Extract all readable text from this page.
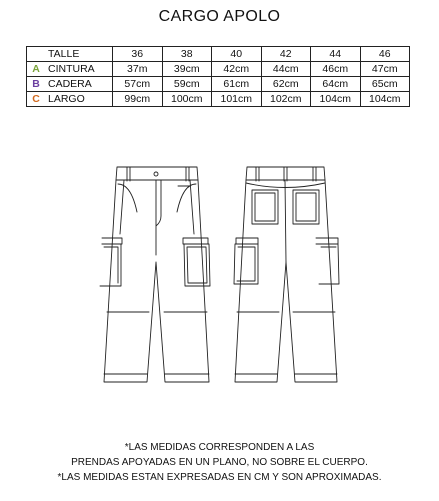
CARGO APOLO
TALLE	36	38	40	42	44	46
A CINTURA	37m	39cm	42cm	44cm	46cm	47cm
B CADERA	57cm	59cm	61cm	62cm	64cm	65cm
C LARGO	99cm	100cm	101cm	102cm	104cm	104cm
*LAS MEDIDAS CORRESPONDEN A LAS
PRENDAS APOYADAS EN UN PLANO, NO SOBRE EL CUERPO.
*LAS MEDIDAS ESTAN EXPRESADAS EN CM Y SON APROXIMADAS.
